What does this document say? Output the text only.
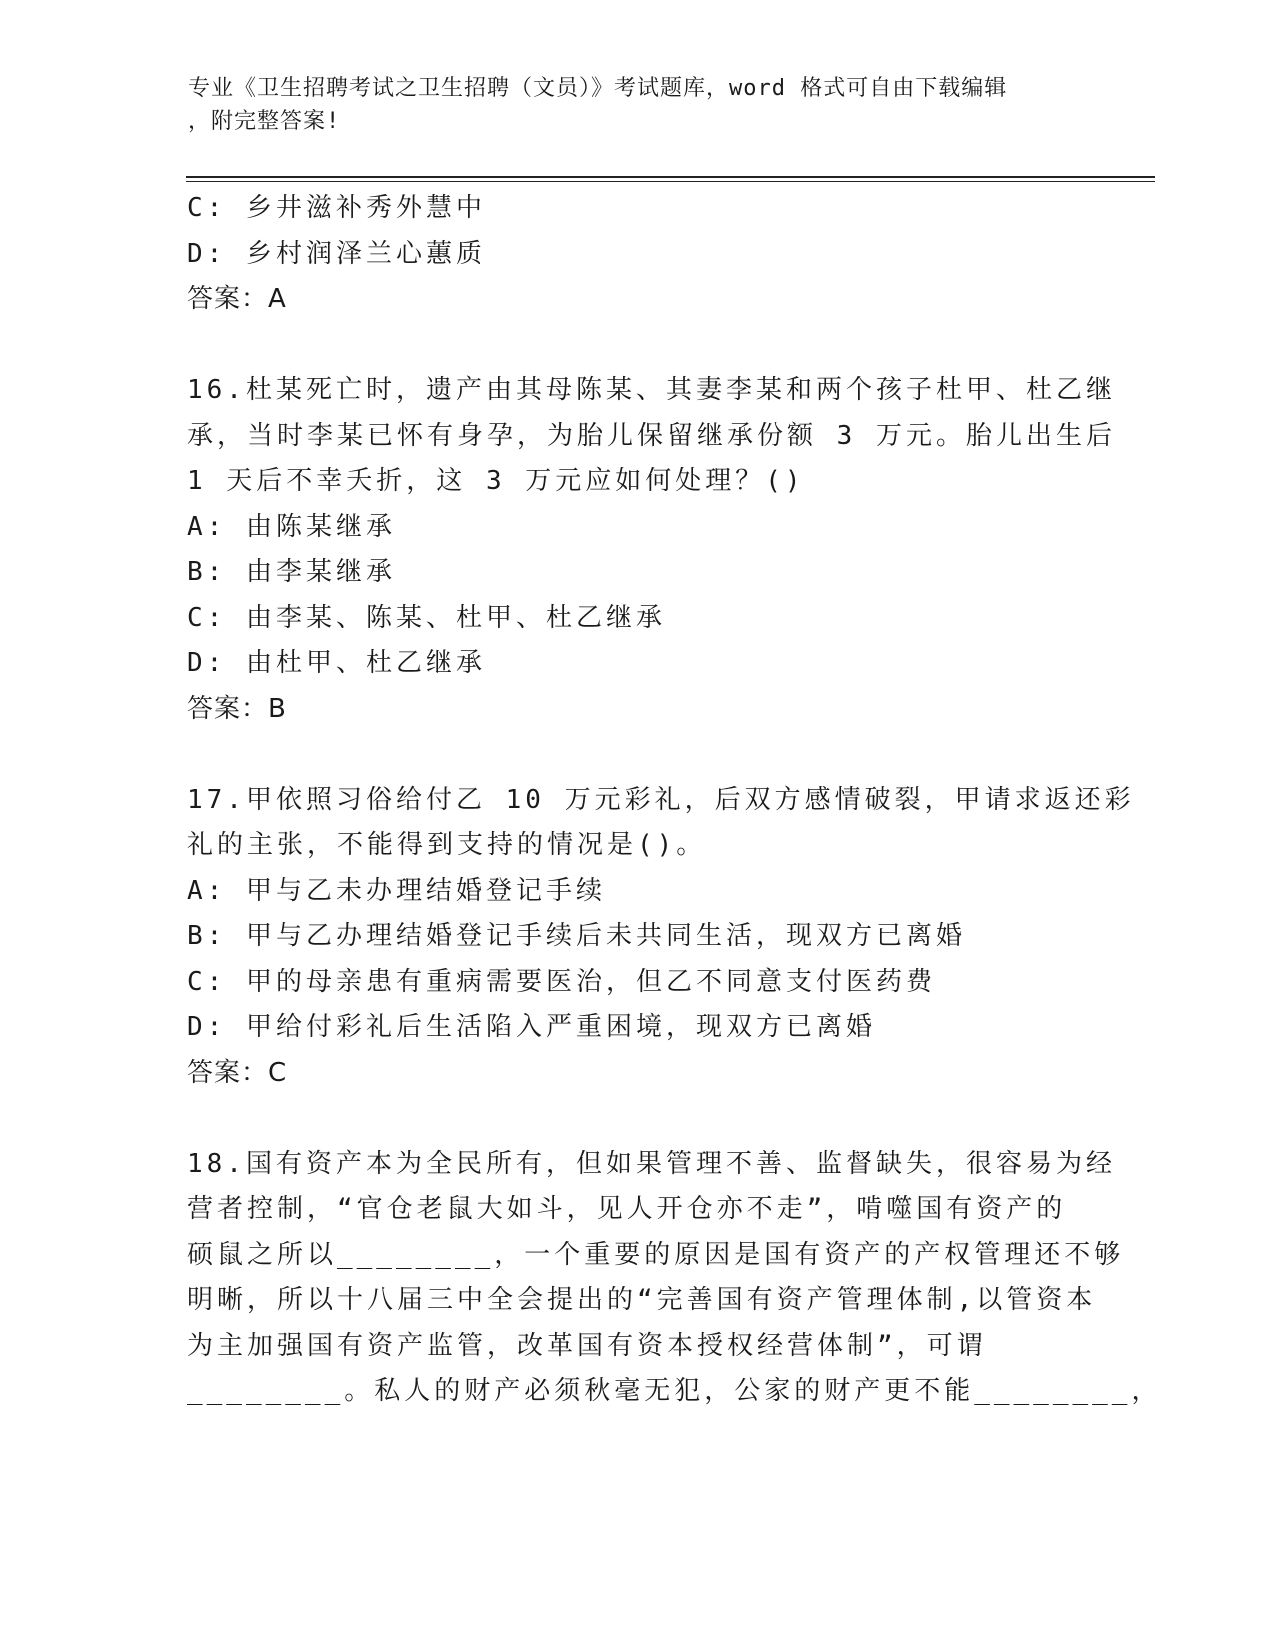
专业《卫生招聘考试之卫生招聘（文员）》考试题库，word 格式可自由下载编辑
，附完整答案!
C: 乡井滋补秀外慧中
D: 乡村润泽兰心蕙质
答案：A
16.杜某死亡时，遗产由其母陈某、其妻李某和两个孩子杜甲、杜乙继
承，当时李某已怀有身孕，为胎儿保留继承份额 3 万元。胎儿出生后
1 天后不幸夭折，这 3 万元应如何处理？()
A: 由陈某继承
B: 由李某继承
C: 由李某、陈某、杜甲、杜乙继承
D: 由杜甲、杜乙继承
答案：B
17.甲依照习俗给付乙 10 万元彩礼，后双方感情破裂，甲请求返还彩
礼的主张，不能得到支持的情况是()。
A: 甲与乙未办理结婚登记手续
B: 甲与乙办理结婚登记手续后未共同生活，现双方已离婚
C: 甲的母亲患有重病需要医治，但乙不同意支付医药费
D: 甲给付彩礼后生活陷入严重困境，现双方已离婚
答案：C
18.国有资产本为全民所有，但如果管理不善、监督缺失，很容易为经
营者控制，“官仓老鼠大如斗，见人开仓亦不走”，啃噬国有资产的
硕鼠之所以________，一个重要的原因是国有资产的产权管理还不够
明晰，所以十八届三中全会提出的“完善国有资产管理体制,以管资本
为主加强国有资产监管，改革国有资本授权经营体制”，可谓
________。私人的财产必须秋毫无犯，公家的财产更不能________，
